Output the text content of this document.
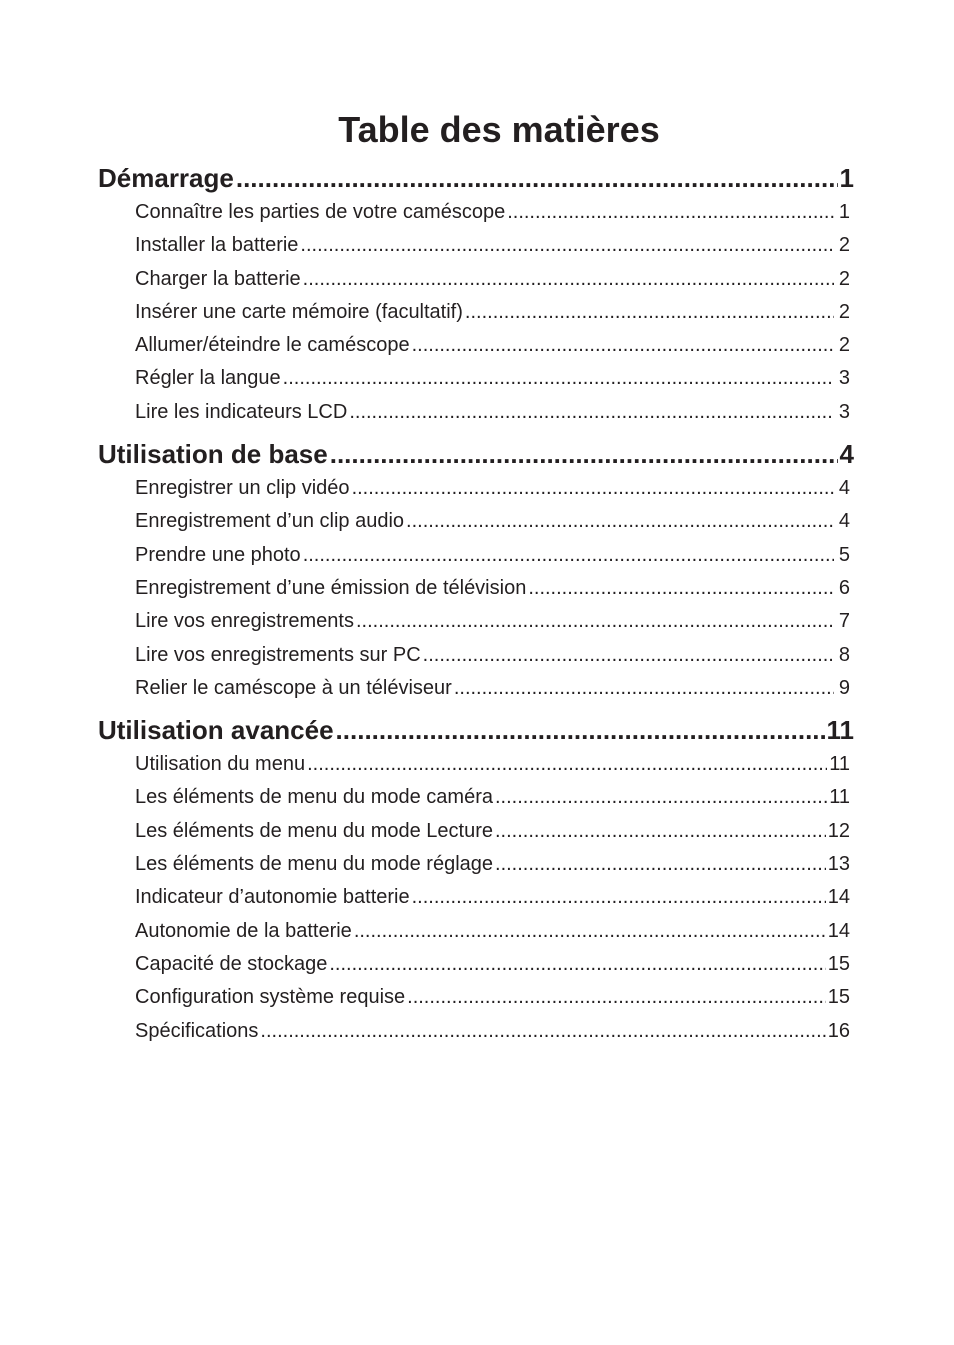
Table des matières
Démarrage .....	1
Connaître les parties de votre caméscope .....	1
Installer la batterie .....	2
Charger la batterie .....	2
Insérer une carte mémoire (facultatif) .....	2
Allumer/éteindre le caméscope .....	2
Régler la langue .....	3
Lire les indicateurs LCD .....	3
Utilisation de base .....	4
Enregistrer un clip vidéo .....	4
Enregistrement d’un clip audio .....	4
Prendre une photo .....	5
Enregistrement d’une émission de télévision .....	6
Lire vos enregistrements .....	7
Lire vos enregistrements sur PC .....	8
Relier le caméscope à un téléviseur .....	9
Utilisation avancée .....	11
Utilisation du menu .....	11
Les éléments de menu du mode caméra .....	11
Les éléments de menu du mode Lecture .....	12
Les éléments de menu du mode réglage .....	13
Indicateur d’autonomie batterie .....	14
Autonomie de la batterie .....	14
Capacité de stockage .....	15
Configuration système requise .....	15
Spécifications .....	16
